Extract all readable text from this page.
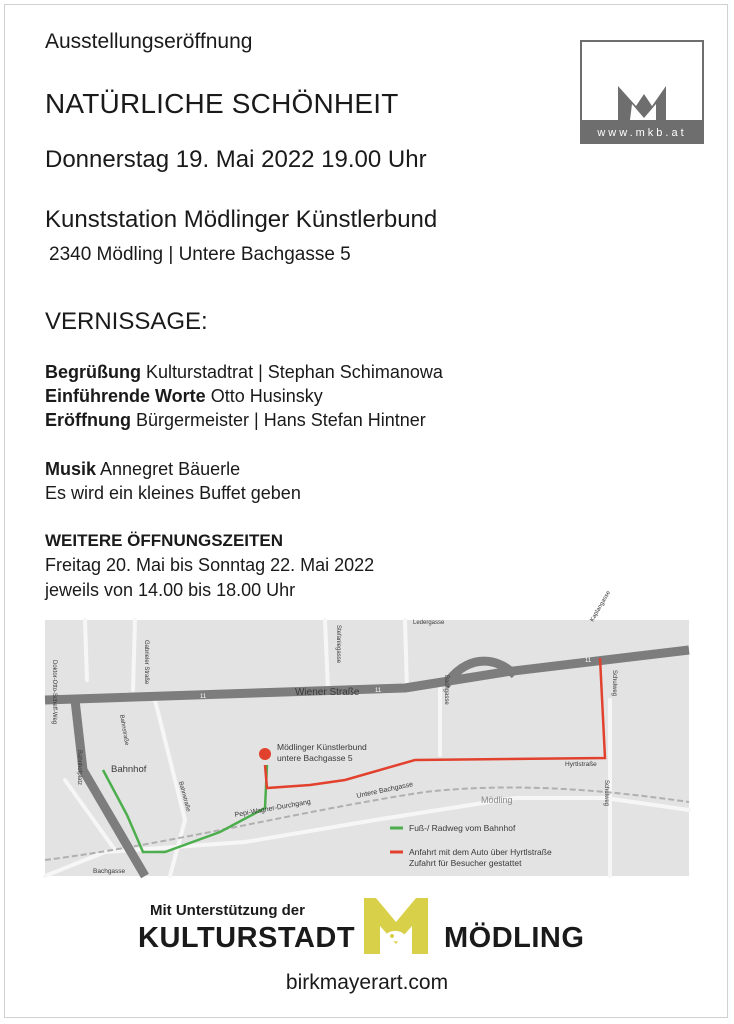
Ausstellungseröffnung

NATÜRLICHE SCHÖNHEIT

Donnerstag 19. Mai 2022 19.00 Uhr

Kunststation Mödlinger Künstlerbund

2340 Mödling | Untere Bachgasse 5

www.mkb.at

VERNISSAGE:

Begrüßung Kulturstadtrat | Stephan Schimanowa

Einführende Worte Otto Husinsky

Eröffnung Bürgermeister | Hans Stefan Hintner

Musik Annegret Bäuerle

Es wird ein kleines Buffet geben

WEITERE ÖFFNUNGSZEITEN

Freitag 20. Mai bis Sonntag 22. Mai 2022

jeweils von 14.00 bis 18.00 Uhr

11
11
11
Wiener Straße
Bahnhof
Mödlinger Künstlerbund
untere Bachgasse 5
Untere Bachgasse
Pepi-Wagner-Durchgang
Bachgasse
Hyrtlstraße
Mödling
Doktor-Otto-Scheff-Weg	Gabrieler Straße
Bahnstraße
Bahnstraße
Bahnhofplatz
Stefaniegasse
Kaplangasse
Ledergasse
Bachgasse	Schulweg
Schulweg
Fuß-/ Radweg vom Bahnhof
Anfahrt mit dem Auto über Hyrtlstraße
Zufahrt für Besucher gestattet

Mit Unterstützung der

KULTURSTADT	MÖDLING

birkmayerart.com
